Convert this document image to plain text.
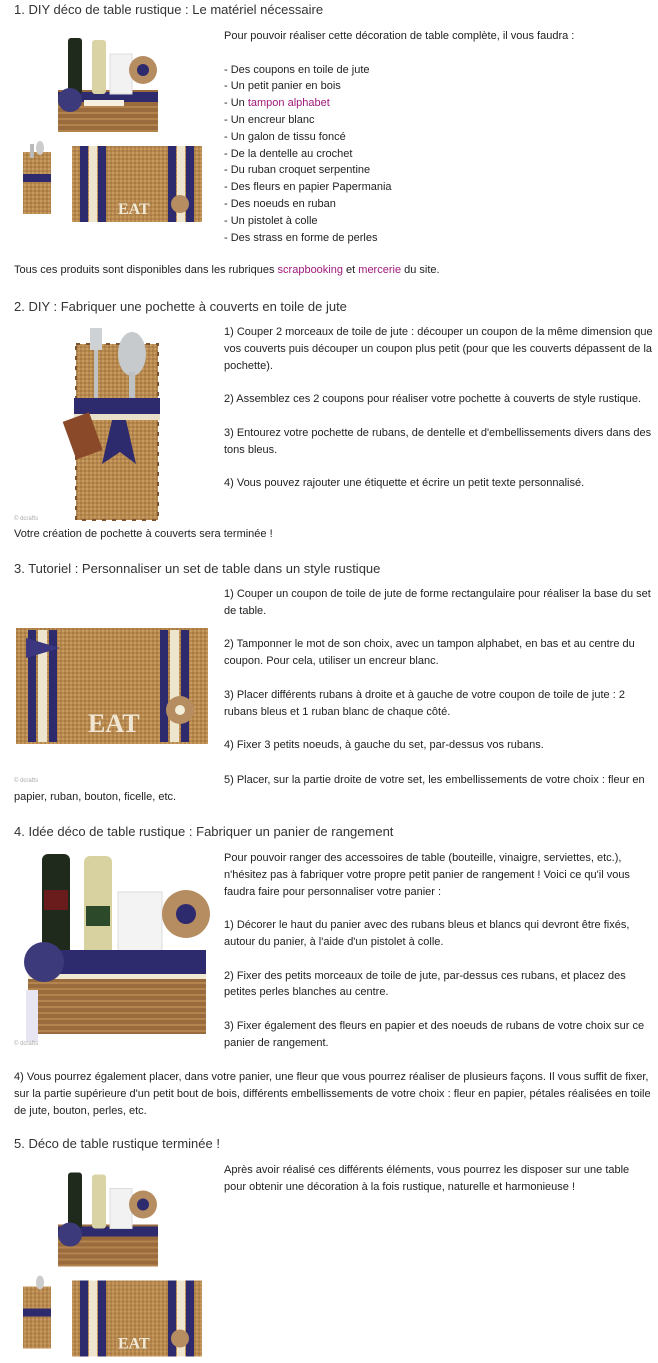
1. DIY déco de table rustique : Le matériel nécessaire
EAT

Pour pouvoir réaliser cette décoration de table complète, il vous faudra :

- Des coupons en toile de jute

- Un petit panier en bois

- Un tampon alphabet

- Un encreur blanc

- Un galon de tissu foncé

- De la dentelle au crochet

- Du ruban croquet serpentine

- Des fleurs en papier Papermania

- Des noeuds en ruban

- Un pistolet à colle

- Des strass en forme de perles

Tous ces produits sont disponibles dans les rubriques scrapbooking et mercerie du site.
2. DIY : Fabriquer une pochette à couverts en toile de jute
© dcrafts

1) Couper 2 morceaux de toile de jute : découper un coupon de la même dimension que vos couverts puis découper un coupon plus petit (pour que les couverts dépassent de la pochette).

2) Assemblez ces 2 coupons pour réaliser votre pochette à couverts de style rustique.

3) Entourez votre pochette de rubans, de dentelle et d'embellissements divers dans des tons bleus.

4) Vous pouvez rajouter une étiquette et écrire un petit texte personnalisé.

Votre création de pochette à couverts sera terminée !
3. Tutoriel : Personnaliser un set de table dans un style rustique
EAT
© dcrafts

1) Couper un coupon de toile de jute de forme rectangulaire pour réaliser la base du set de table.

2) Tamponner le mot de son choix, avec un tampon alphabet, en bas et au centre du coupon. Pour cela, utiliser un encreur blanc.

3) Placer différents rubans à droite et à gauche de votre coupon de toile de jute : 2 rubans bleus et 1 ruban blanc de chaque côté.

4) Fixer 3 petits noeuds, à gauche du set, par-dessus vos rubans.

5) Placer, sur la partie droite de votre set, les embellissements de votre choix : fleur en papier, ruban, bouton, ficelle, etc.
4. Idée déco de table rustique : Fabriquer un panier de rangement
© dcrafts

Pour pouvoir ranger des accessoires de table (bouteille, vinaigre, serviettes, etc.), n'hésitez pas à fabriquer votre propre petit panier de rangement ! Voici ce qu'il vous faudra faire pour personnaliser votre panier :

1) Décorer le haut du panier avec des rubans bleus et blancs qui devront être fixés, autour du panier, à l'aide d'un pistolet à colle.

2) Fixer des petits morceaux de toile de jute, par-dessus ces rubans, et placez des petites perles blanches au centre.

3) Fixer également des fleurs en papier et des noeuds de rubans de votre choix sur ce panier de rangement.

4) Vous pourrez également placer, dans votre panier, une fleur que vous pourrez réaliser de plusieurs façons. Il vous suffit de fixer, sur la partie supérieure d'un petit bout de bois, différents embellissements de votre choix : fleur en papier, pétales réalisées en toile de jute, bouton, perles, etc.
5. Déco de table rustique terminée !
EAT

Après avoir réalisé ces différents éléments, vous pourrez les disposer sur une table pour obtenir une décoration à la fois rustique, naturelle et harmonieuse !
